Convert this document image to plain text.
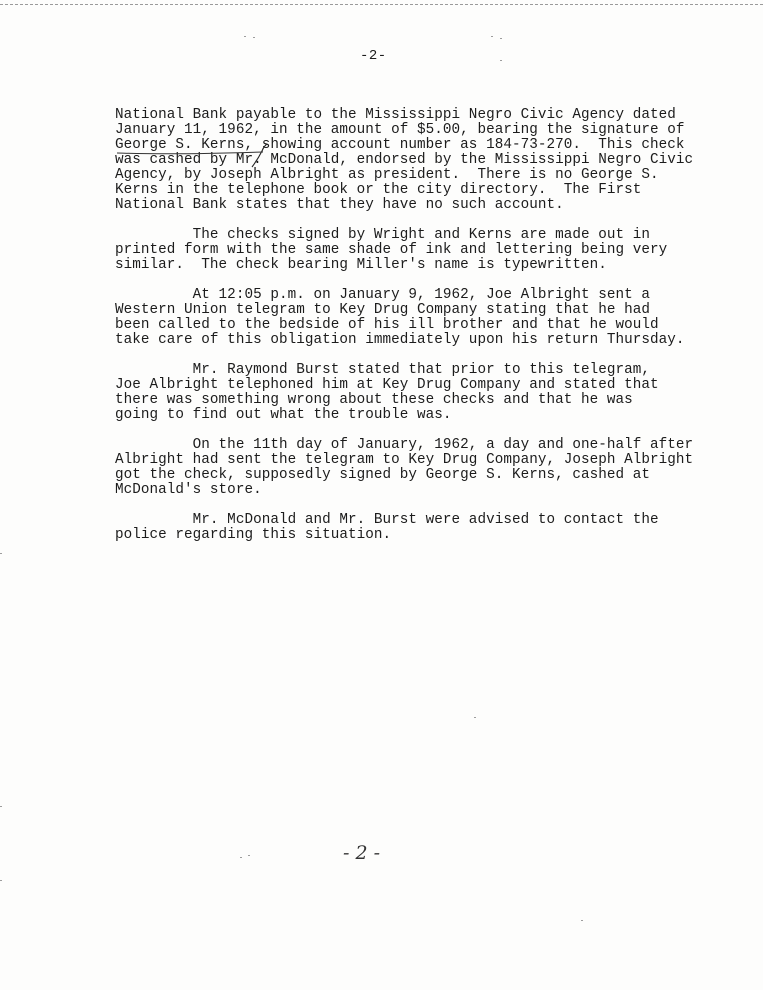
-2-
National Bank payable to the Mississippi Negro Civic Agency dated
January 11, 1962, in the amount of $5.00, bearing the signature of
George S. Kerns, showing account number as 184-73-270.  This check
was cashed by Mr. McDonald, endorsed by the Mississippi Negro Civic
Agency, by Joseph Albright as president.  There is no George S.
Kerns in the telephone book or the city directory.  The First
National Bank states that they have no such account.
The checks signed by Wright and Kerns are made out in
printed form with the same shade of ink and lettering being very
similar.  The check bearing Miller's name is typewritten.
At 12:05 p.m. on January 9, 1962, Joe Albright sent a
Western Union telegram to Key Drug Company stating that he had
been called to the bedside of his ill brother and that he would
take care of this obligation immediately upon his return Thursday.
Mr. Raymond Burst stated that prior to this telegram,
Joe Albright telephoned him at Key Drug Company and stated that
there was something wrong about these checks and that he was
going to find out what the trouble was.
On the 11th day of January, 1962, a day and one-half after
Albright had sent the telegram to Key Drug Company, Joseph Albright
got the check, supposedly signed by George S. Kerns, cashed at
McDonald's store.
Mr. McDonald and Mr. Burst were advised to contact the
police regarding this situation.
- 2 -
